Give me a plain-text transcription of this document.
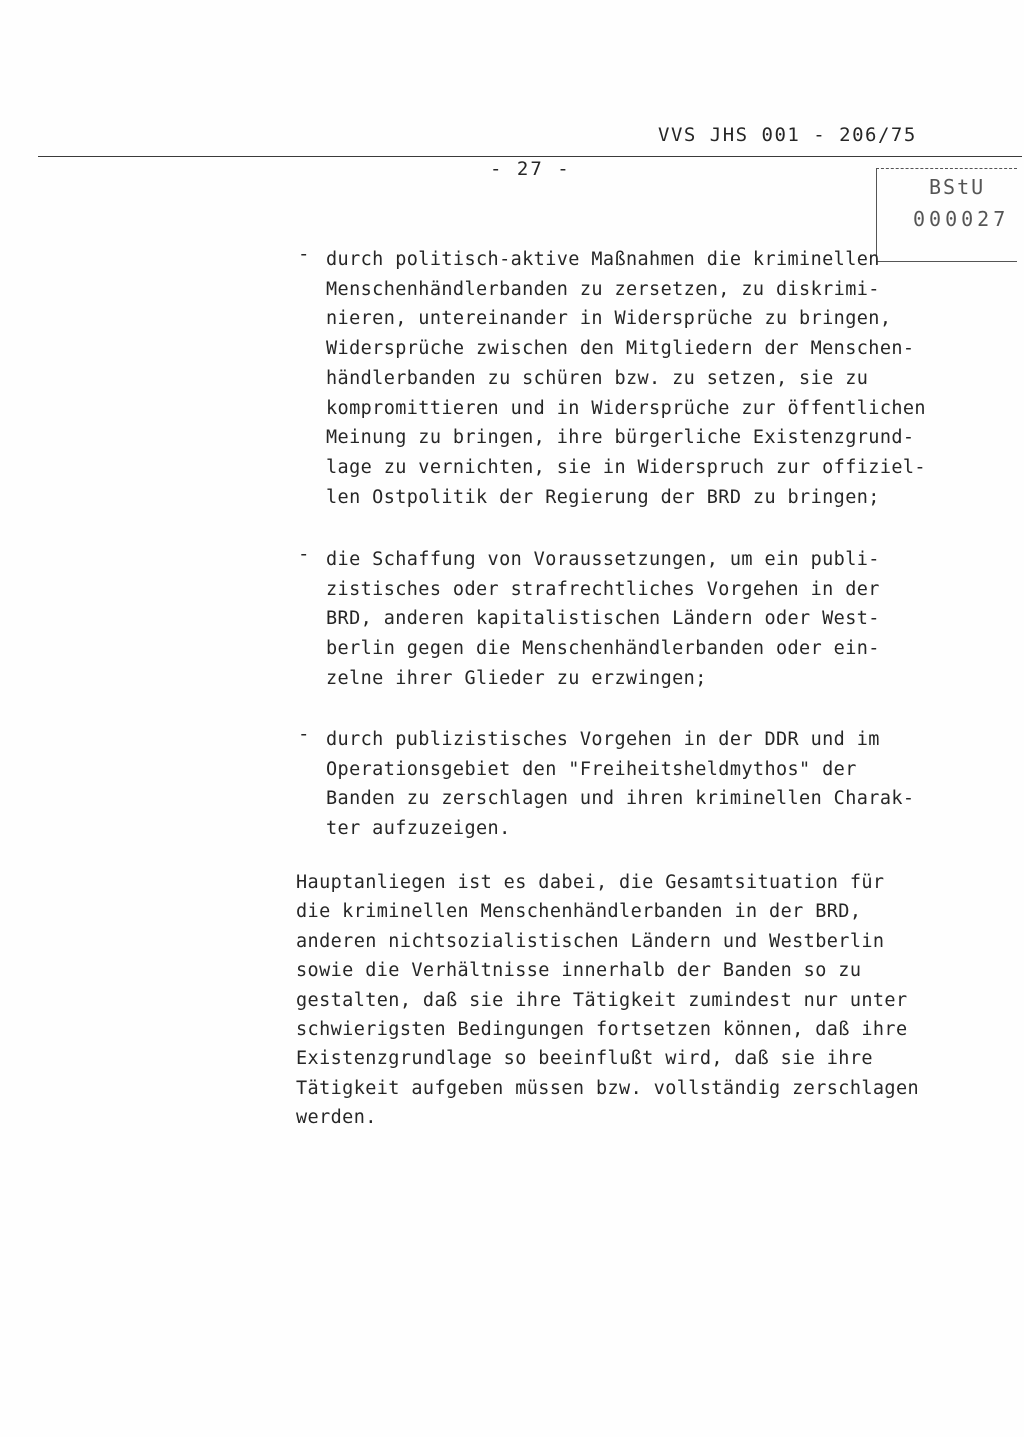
VVS JHS 001 - 206/75
- 27 -
BStU
000027
- durch politisch-aktive Maßnahmen die kriminellen
Menschenhändlerbanden zu zersetzen, zu diskrimi-
nieren, untereinander in Widersprüche zu bringen,
Widersprüche zwischen den Mitgliedern der Menschen-
händlerbanden zu schüren bzw. zu setzen, sie zu
kompromittieren und in Widersprüche zur öffentlichen
Meinung zu bringen, ihre bürgerliche Existenzgrund-
lage zu vernichten, sie in Widerspruch zur offiziel-
len Ostpolitik der Regierung der BRD zu bringen;
- die Schaffung von Voraussetzungen, um ein publi-
zistisches oder strafrechtliches Vorgehen in der
BRD, anderen kapitalistischen Ländern oder West-
berlin gegen die Menschenhändlerbanden oder ein-
zelne ihrer Glieder zu erzwingen;
- durch publizistisches Vorgehen in der DDR und im
Operationsgebiet den "Freiheitsheldmythos" der
Banden zu zerschlagen und ihren kriminellen Charak-
ter aufzuzeigen.
Hauptanliegen ist es dabei, die Gesamtsituation für
die kriminellen Menschenhändlerbanden in der BRD,
anderen nichtsozialistischen Ländern und Westberlin
sowie die Verhältnisse innerhalb der Banden so zu
gestalten, daß sie ihre Tätigkeit zumindest nur unter
schwierigsten Bedingungen fortsetzen können, daß ihre
Existenzgrundlage so beeinflußt wird, daß sie ihre
Tätigkeit aufgeben müssen bzw. vollständig zerschlagen
werden.
